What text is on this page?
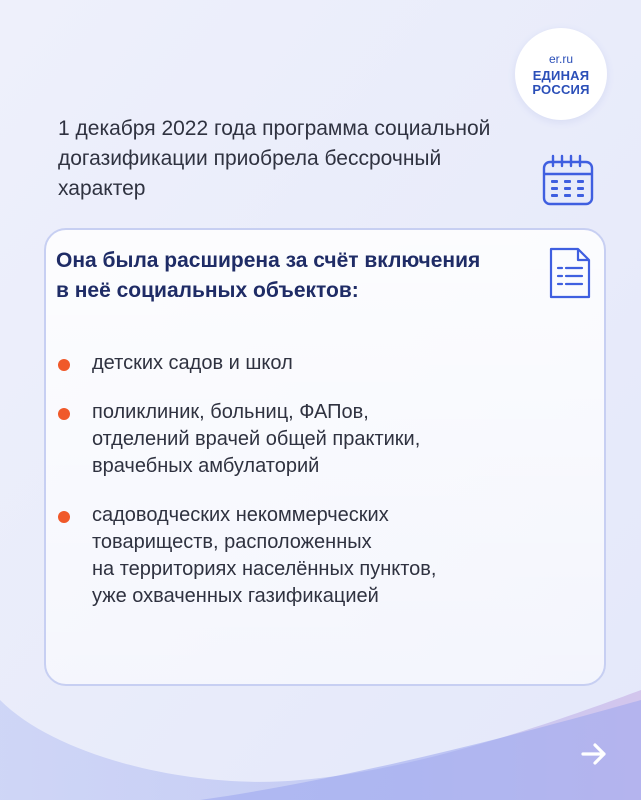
er.ru
ЕДИНАЯ
РОССИЯ
1 декабря 2022 года программа социальной догазификации приобрела бессрочный характер
Она была расширена за счёт включения в неё социальных объектов:
детских садов и школ
поликлиник, больниц, ФАПов,
отделений врачей общей практики,
врачебных амбулаторий
садоводческих некоммерческих
товариществ, расположенных
на территориях населённых пунктов,
уже охваченных газификацией
